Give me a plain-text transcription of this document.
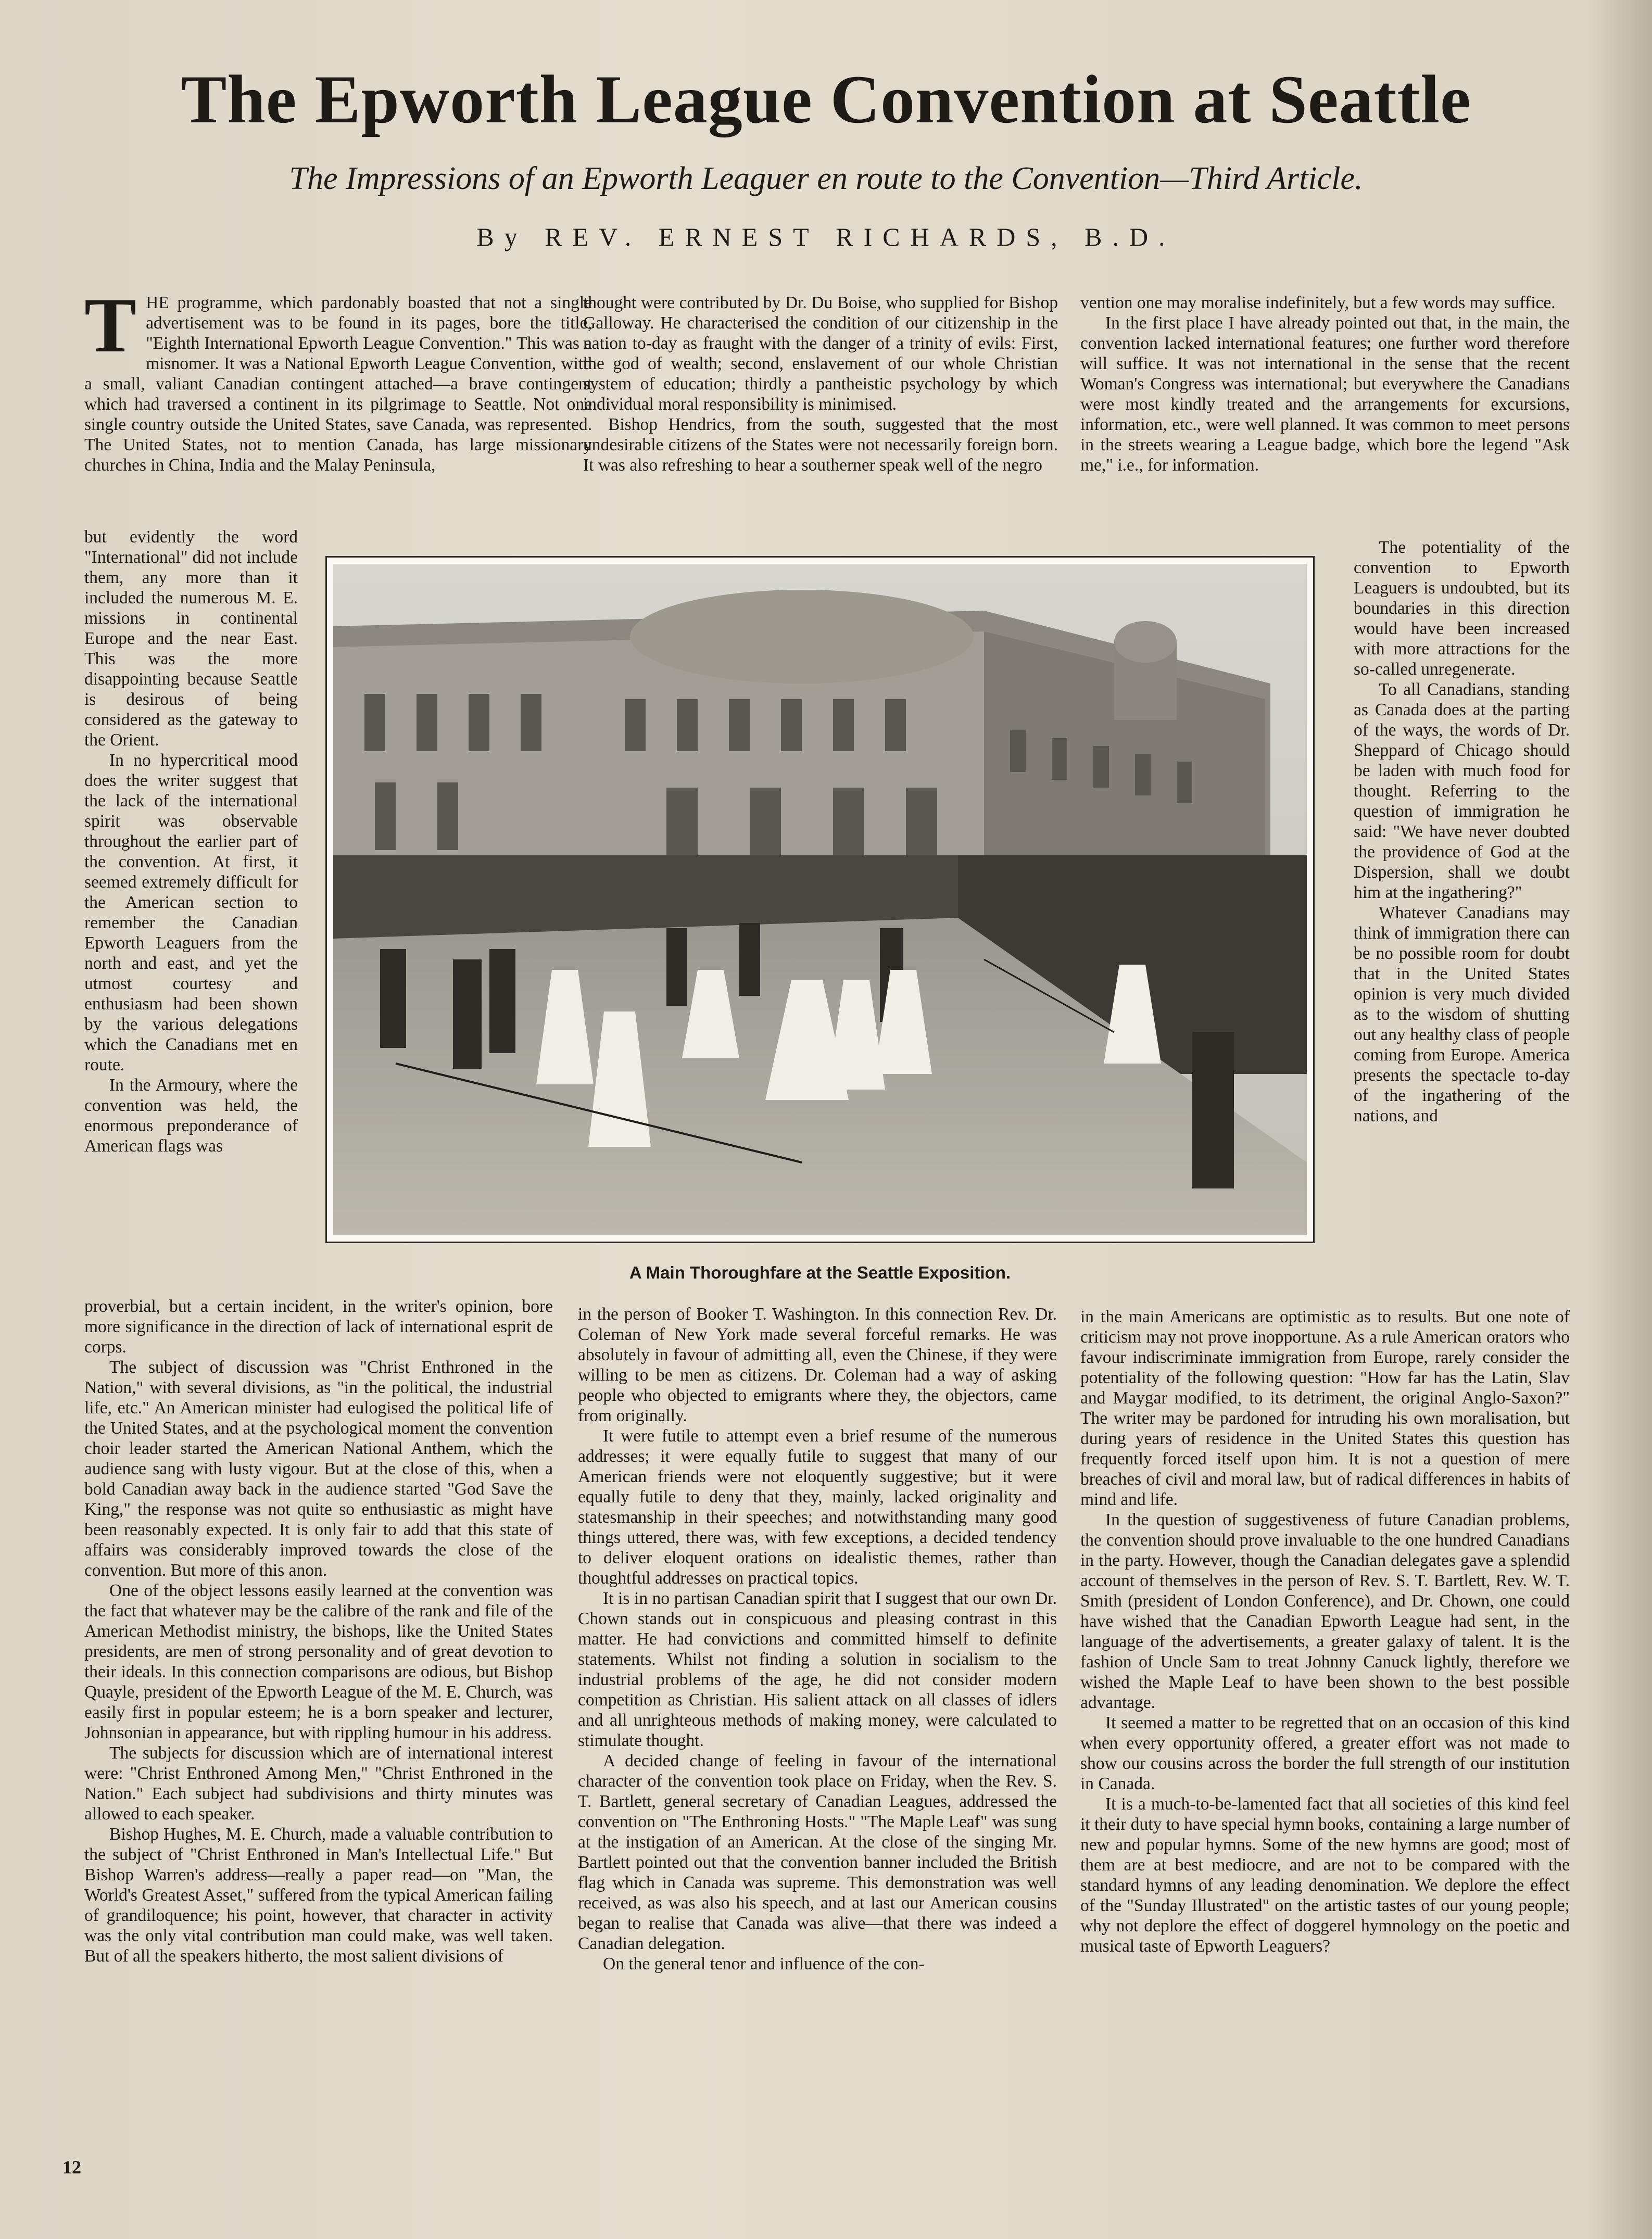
The Epworth League Convention at Seattle
The Impressions of an Epworth Leaguer en route to the Convention—Third Article.
By REV. ERNEST RICHARDS, B.D.

THE programme, which pardonably boasted that not a single advertisement was to be found in its pages, bore the title, "Eighth International Epworth League Convention." This was a misnomer. It was a National Epworth League Convention, with a small, valiant Canadian contingent attached—a brave contingent which had traversed a continent in its pilgrimage to Seattle. Not one single country outside the United States, save Canada, was represented. The United States, not to mention Canada, has large missionary churches in China, India and the Malay Peninsula,

but evidently the word "International" did not include them, any more than it included the numerous M. E. missions in continental Europe and the near East. This was the more disappointing because Seattle is desirous of being considered as the gateway to the Orient.

In no hypercritical mood does the writer suggest that the lack of the international spirit was observable throughout the earlier part of the convention. At first, it seemed extremely difficult for the American section to remember the Canadian Epworth Leaguers from the north and east, and yet the utmost courtesy and enthusiasm had been shown by the various delegations which the Canadians met en route.

In the Armoury, where the convention was held, the enormous preponderance of American flags was

proverbial, but a certain incident, in the writer's opinion, bore more significance in the direction of lack of international esprit de corps.

The subject of discussion was "Christ Enthroned in the Nation," with several divisions, as "in the political, the industrial life, etc." An American minister had eulogised the political life of the United States, and at the psychological moment the convention choir leader started the American National Anthem, which the audience sang with lusty vigour. But at the close of this, when a bold Canadian away back in the audience started "God Save the King," the response was not quite so enthusiastic as might have been reasonably expected. It is only fair to add that this state of affairs was considerably improved towards the close of the convention. But more of this anon.

One of the object lessons easily learned at the convention was the fact that whatever may be the calibre of the rank and file of the American Methodist ministry, the bishops, like the United States presidents, are men of strong personality and of great devotion to their ideals. In this connection comparisons are odious, but Bishop Quayle, president of the Epworth League of the M. E. Church, was easily first in popular esteem; he is a born speaker and lecturer, Johnsonian in appearance, but with rippling humour in his address.

The subjects for discussion which are of international interest were: "Christ Enthroned Among Men," "Christ Enthroned in the Nation." Each subject had subdivisions and thirty minutes was allowed to each speaker.

Bishop Hughes, M. E. Church, made a valuable contribution to the subject of "Christ Enthroned in Man's Intellectual Life." But Bishop Warren's address—really a paper read—on "Man, the World's Greatest Asset," suffered from the typical American failing of grandiloquence; his point, however, that character in activity was the only vital contribution man could make, was well taken. But of all the speakers hitherto, the most salient divisions of

thought were contributed by Dr. Du Boise, who supplied for Bishop Galloway. He characterised the condition of our citizenship in the nation to-day as fraught with the danger of a trinity of evils: First, the god of wealth; second, enslavement of our whole Christian system of education; thirdly a pantheistic psychology by which individual moral responsibility is minimised.

Bishop Hendrics, from the south, suggested that the most undesirable citizens of the States were not necessarily foreign born. It was also refreshing to hear a southerner speak well of the negro

in the person of Booker T. Washington. In this connection Rev. Dr. Coleman of New York made several forceful remarks. He was absolutely in favour of admitting all, even the Chinese, if they were willing to be men as citizens. Dr. Coleman had a way of asking people who objected to emigrants where they, the objectors, came from originally.

It were futile to attempt even a brief resume of the numerous addresses; it were equally futile to suggest that many of our American friends were not eloquently suggestive; but it were equally futile to deny that they, mainly, lacked originality and statesmanship in their speeches; and notwithstanding many good things uttered, there was, with few exceptions, a decided tendency to deliver eloquent orations on idealistic themes, rather than thoughtful addresses on practical topics.

It is in no partisan Canadian spirit that I suggest that our own Dr. Chown stands out in conspicuous and pleasing contrast in this matter. He had convictions and committed himself to definite statements. Whilst not finding a solution in socialism to the industrial problems of the age, he did not consider modern competition as Christian. His salient attack on all classes of idlers and all unrighteous methods of making money, were calculated to stimulate thought.

A decided change of feeling in favour of the international character of the convention took place on Friday, when the Rev. S. T. Bartlett, general secretary of Canadian Leagues, addressed the convention on "The Enthroning Hosts." "The Maple Leaf" was sung at the instigation of an American. At the close of the singing Mr. Bartlett pointed out that the convention banner included the British flag which in Canada was supreme. This demonstration was well received, as was also his speech, and at last our American cousins began to realise that Canada was alive—that there was indeed a Canadian delegation.

On the general tenor and influence of the con-

vention one may moralise indefinitely, but a few words may suffice.

In the first place I have already pointed out that, in the main, the convention lacked international features; one further word therefore will suffice. It was not international in the sense that the recent Woman's Congress was international; but everywhere the Canadians were most kindly treated and the arrangements for excursions, information, etc., were well planned. It was common to meet persons in the streets wearing a League badge, which bore the legend "Ask me," i.e., for information.

The potentiality of the convention to Epworth Leaguers is undoubted, but its boundaries in this direction would have been increased with more attractions for the so-called unregenerate.

To all Canadians, standing as Canada does at the parting of the ways, the words of Dr. Sheppard of Chicago should be laden with much food for thought. Referring to the question of immigration he said: "We have never doubted the providence of God at the Dispersion, shall we doubt him at the ingathering?"

Whatever Canadians may think of immigration there can be no possible room for doubt that in the United States opinion is very much divided as to the wisdom of shutting out any healthy class of people coming from Europe. America presents the spectacle to-day of the ingathering of the nations, and

in the main Americans are optimistic as to results. But one note of criticism may not prove inopportune. As a rule American orators who favour indiscriminate immigration from Europe, rarely consider the potentiality of the following question: "How far has the Latin, Slav and Maygar modified, to its detriment, the original Anglo-Saxon?" The writer may be pardoned for intruding his own moralisation, but during years of residence in the United States this question has frequently forced itself upon him. It is not a question of mere breaches of civil and moral law, but of radical differences in habits of mind and life.

In the question of suggestiveness of future Canadian problems, the convention should prove invaluable to the one hundred Canadians in the party. However, though the Canadian delegates gave a splendid account of themselves in the person of Rev. S. T. Bartlett, Rev. W. T. Smith (president of London Conference), and Dr. Chown, one could have wished that the Canadian Epworth League had sent, in the language of the advertisements, a greater galaxy of talent. It is the fashion of Uncle Sam to treat Johnny Canuck lightly, therefore we wished the Maple Leaf to have been shown to the best possible advantage.

It seemed a matter to be regretted that on an occasion of this kind when every opportunity offered, a greater effort was not made to show our cousins across the border the full strength of our institution in Canada.

It is a much-to-be-lamented fact that all societies of this kind feel it their duty to have special hymn books, containing a large number of new and popular hymns. Some of the new hymns are good; most of them are at best mediocre, and are not to be compared with the standard hymns of any leading denomination. We deplore the effect of the "Sunday Illustrated" on the artistic tastes of our young people; why not deplore the effect of doggerel hymnology on the poetic and musical taste of Epworth Leaguers?

A Main Thoroughfare at the Seattle Exposition.
12
